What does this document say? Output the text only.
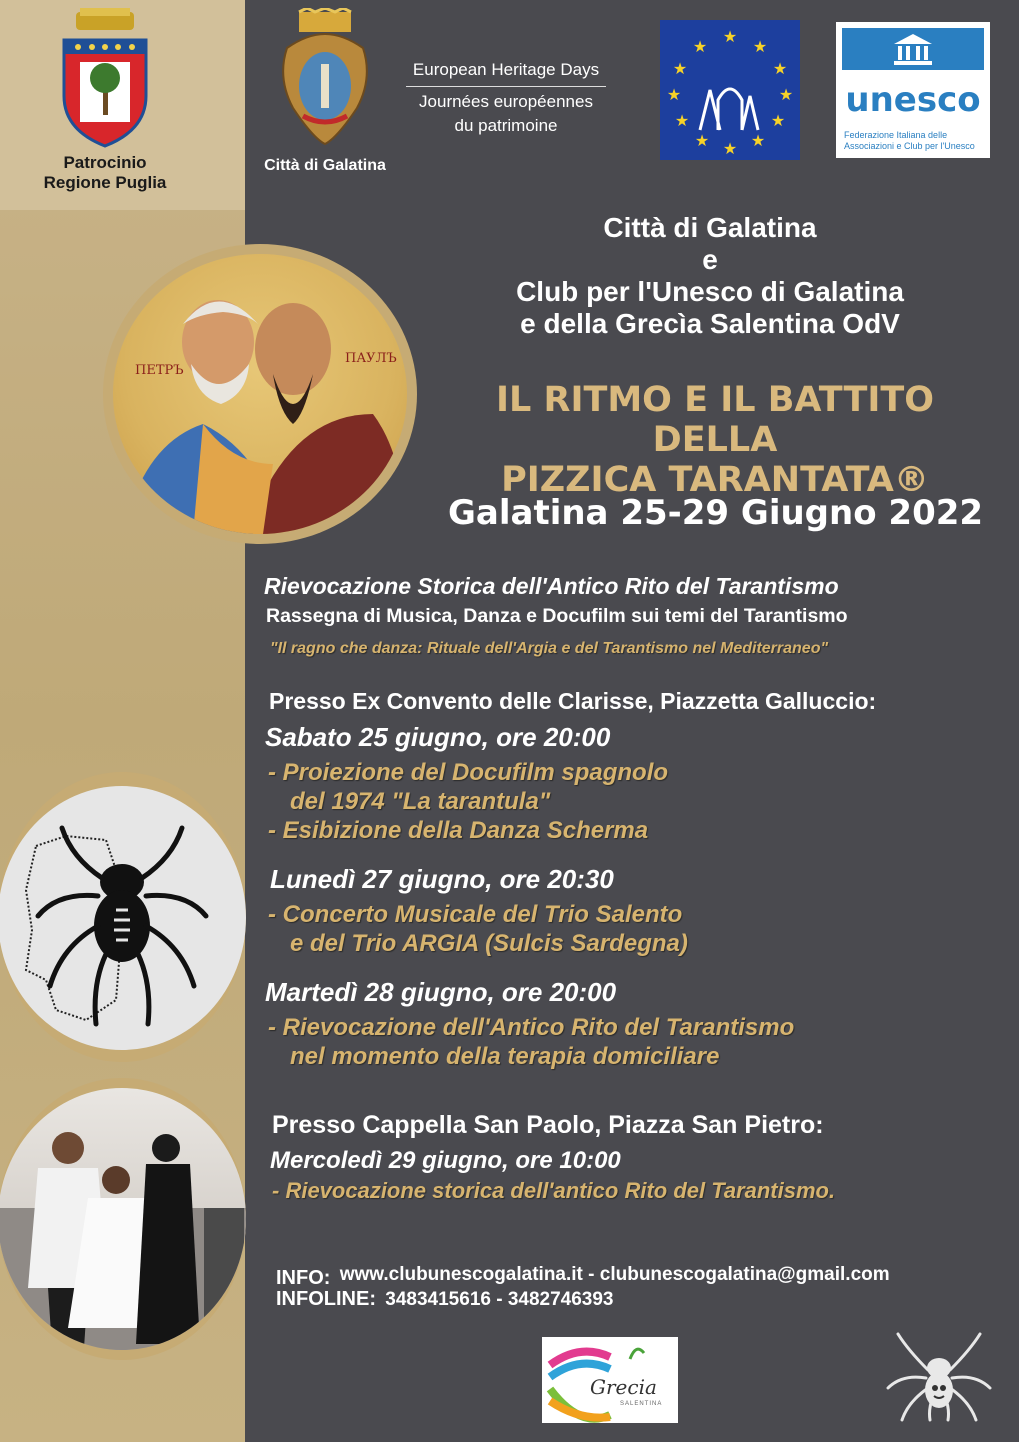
Patrocinio
Regione Puglia
Città di Galatina
European Heritage Days
Journées européennes
du patrimoine
★
★
★
★
★
★
★
★
★
★
★
★
unesco
Federazione Italiana delle
Associazioni e Club per l'Unesco
ПЕТРЪ
ПАУЛЪ
Città di Galatina
e
Club per l'Unesco di Galatina
e della Grecìa Salentina OdV
IL RITMO E IL BATTITO DELLA
PIZZICA TARANTATA®
Galatina 25-29 Giugno 2022
Rievocazione Storica dell'Antico Rito del Tarantismo
Rassegna di Musica, Danza e Docufilm sui temi del Tarantismo
"Il ragno che danza: Rituale dell'Argia e del Tarantismo nel Mediterraneo"
Presso Ex Convento delle Clarisse, Piazzetta Galluccio:
Sabato 25 giugno, ore 20:00
- Proiezione del Docufilm spagnolo
del 1974 "La tarantula"
- Esibizione della Danza Scherma
Lunedì 27 giugno, ore 20:30
- Concerto Musicale del Trio Salento
e del Trio ARGIA (Sulcis Sardegna)
Martedì 28 giugno, ore 20:00
- Rievocazione dell'Antico Rito del Tarantismo
nel momento della terapia domiciliare
Presso Cappella San Paolo, Piazza San Pietro:
Mercoledì 29 giugno, ore 10:00
- Rievocazione storica dell'antico Rito del Tarantismo.
INFO: www.clubunescogalatina.it - clubunescogalatina@gmail.com
INFOLINE: 3483415616 - 3482746393
Grecia
SALENTINA
